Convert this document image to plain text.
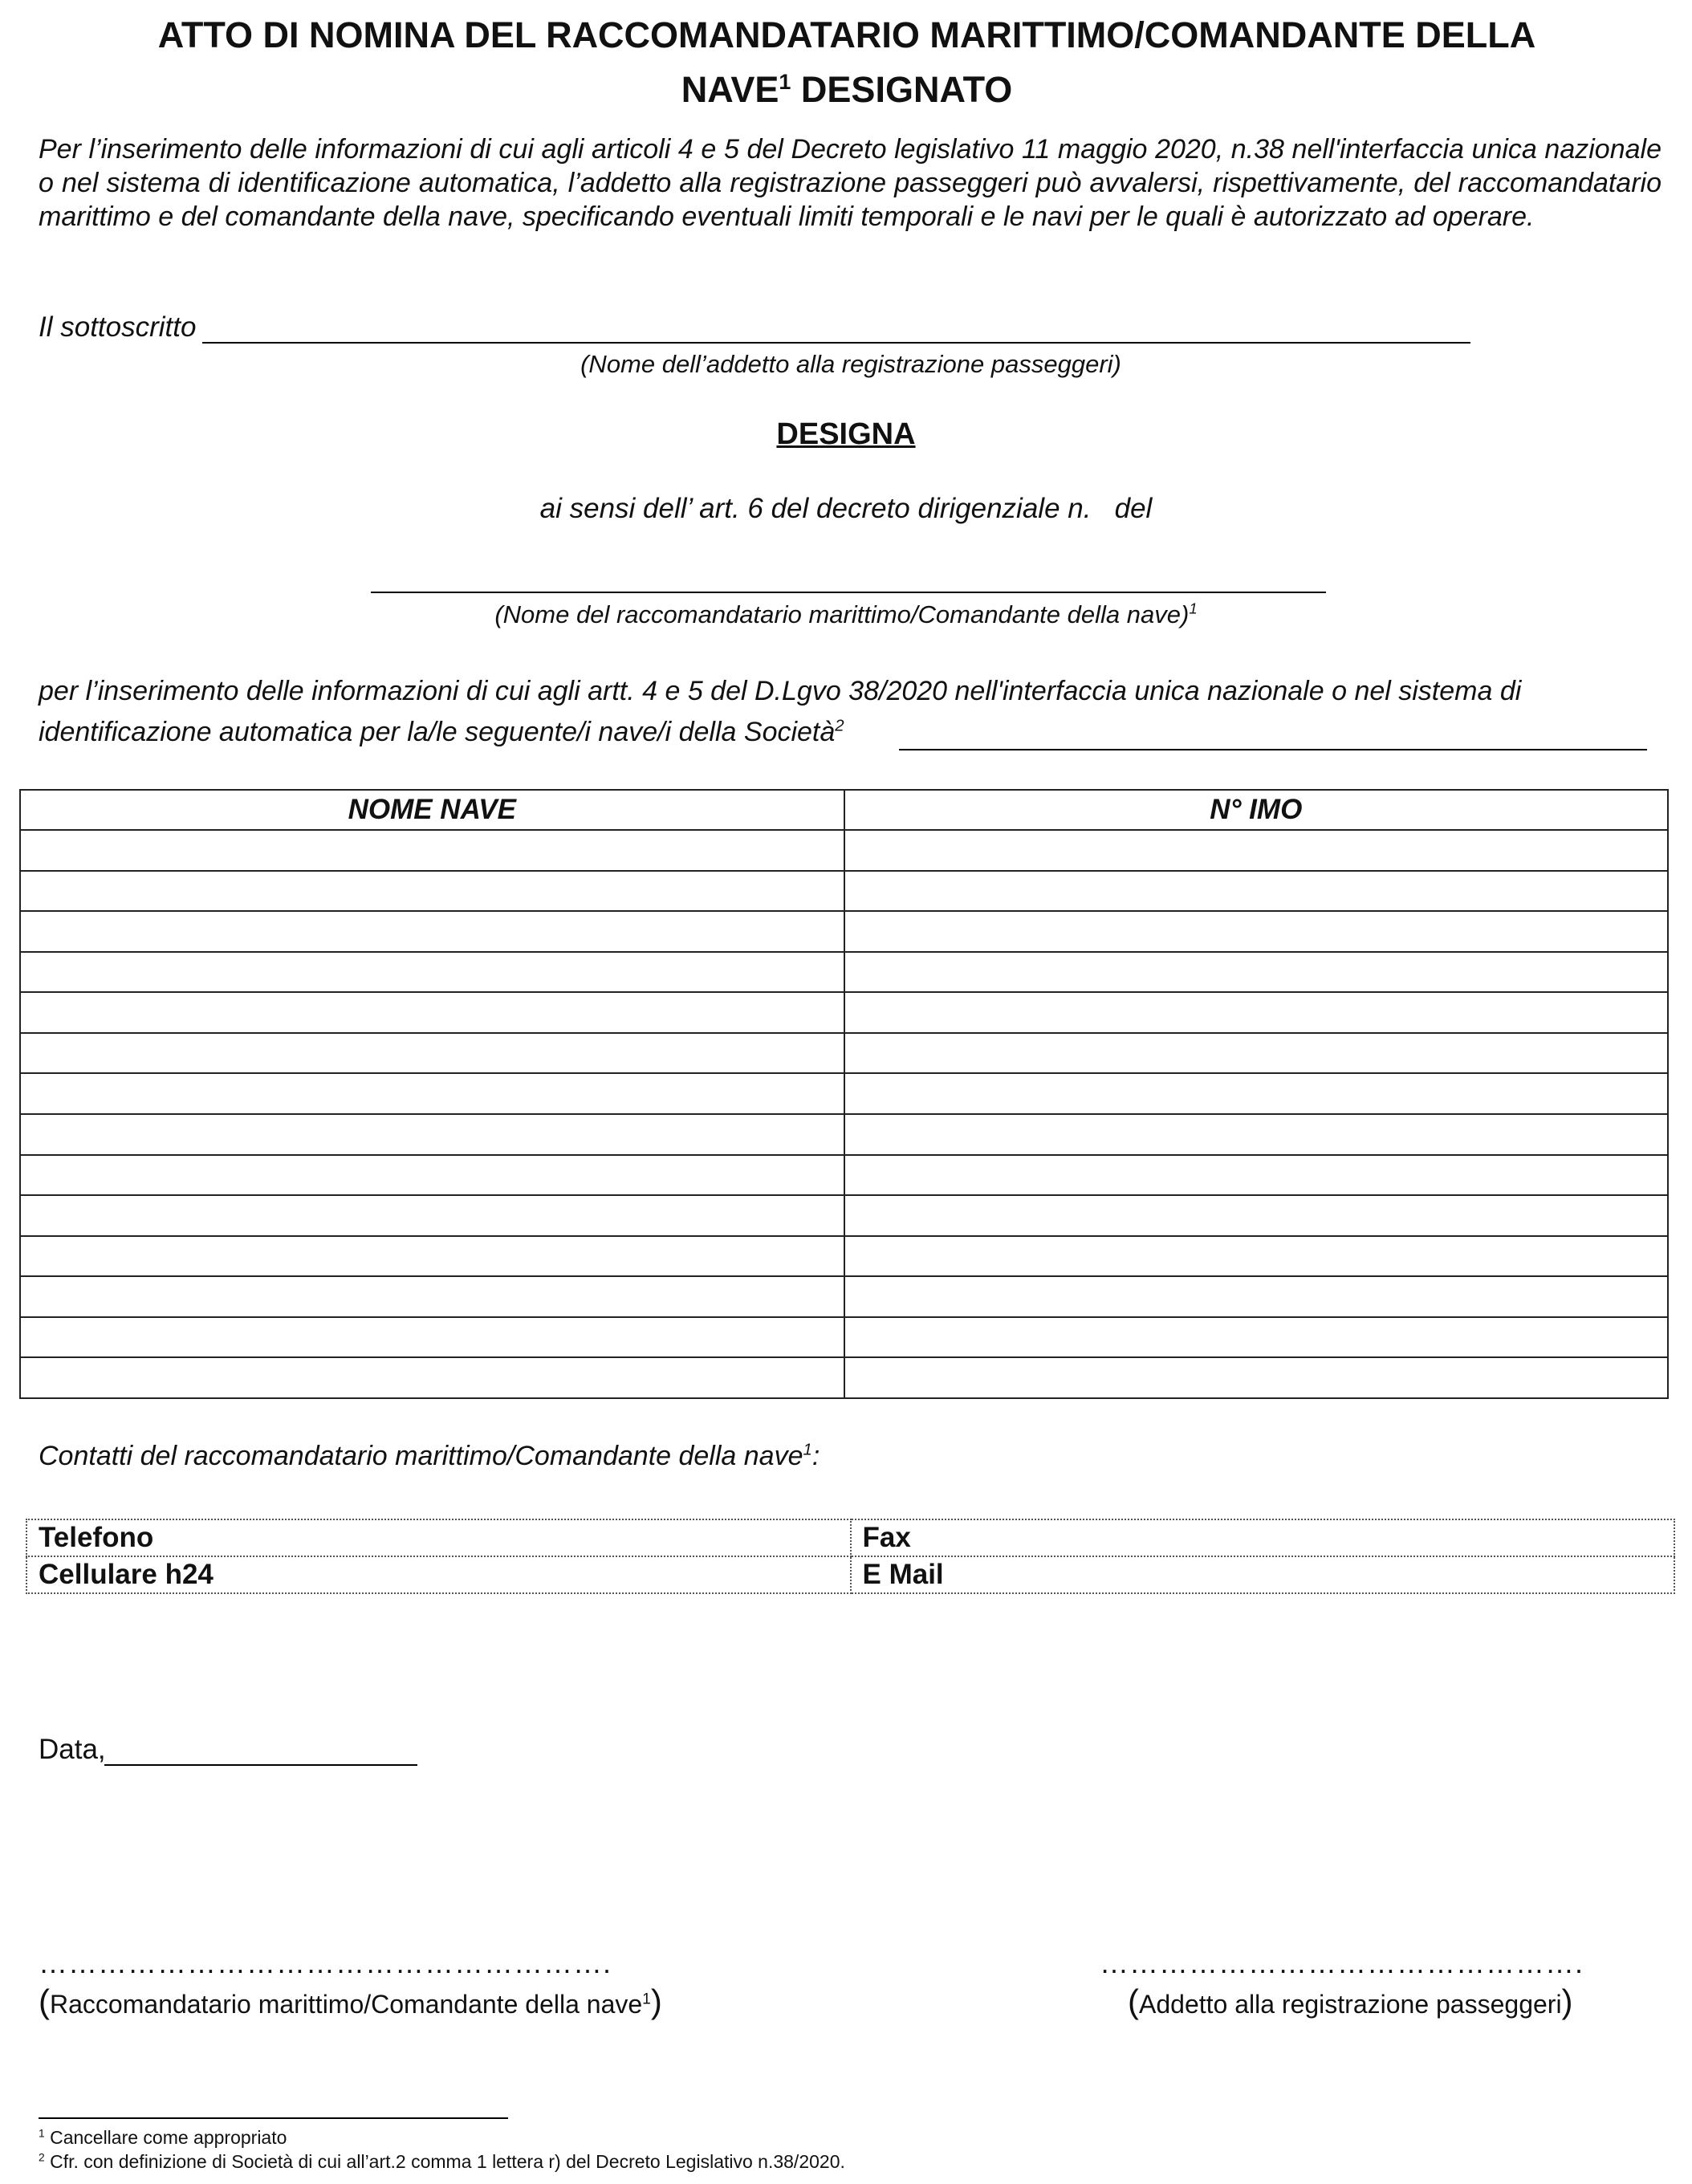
ATTO DI NOMINA DEL RACCOMANDATARIO MARITTIMO/COMANDANTE DELLA
NAVE$^1$ DESIGNATO
Per l’inserimento delle informazioni di cui agli articoli 4 e 5 del Decreto legislativo 11 maggio 2020, n.38 nell'interfaccia unica nazionale o nel sistema di identificazione automatica, l’addetto alla registrazione passeggeri può avvalersi, rispettivamente, del raccomandatario marittimo e del comandante della nave, specificando eventuali limiti temporali e le navi per le quali è autorizzato ad operare.
Il sottoscritto
(Nome dell’addetto alla registrazione passeggeri)
DESIGNA
ai sensi dell’ art. 6 del decreto dirigenziale n.   del
(Nome del raccomandatario marittimo/Comandante della nave)$^1$
per l’inserimento delle informazioni di cui agli artt. 4 e 5 del D.Lgvo 38/2020 nell'interfaccia unica nazionale o nel sistema di
identificazione automatica per la/le seguente/i nave/i della Società$^2$
NOME NAVE	N° IMO

Contatti del raccomandatario marittimo/Comandante della nave$^1$:
Telefono	Fax
Cellulare h24	E Mail
Data,
………………………………………………….
(Raccomandatario marittimo/Comandante della nave$^1$)
………………………………………….
(Addetto alla registrazione passeggeri)
$^1$ Cancellare come appropriato
$^2$ Cfr. con definizione di Società di cui all’art.2 comma 1 lettera r) del Decreto Legislativo n.38/2020.
